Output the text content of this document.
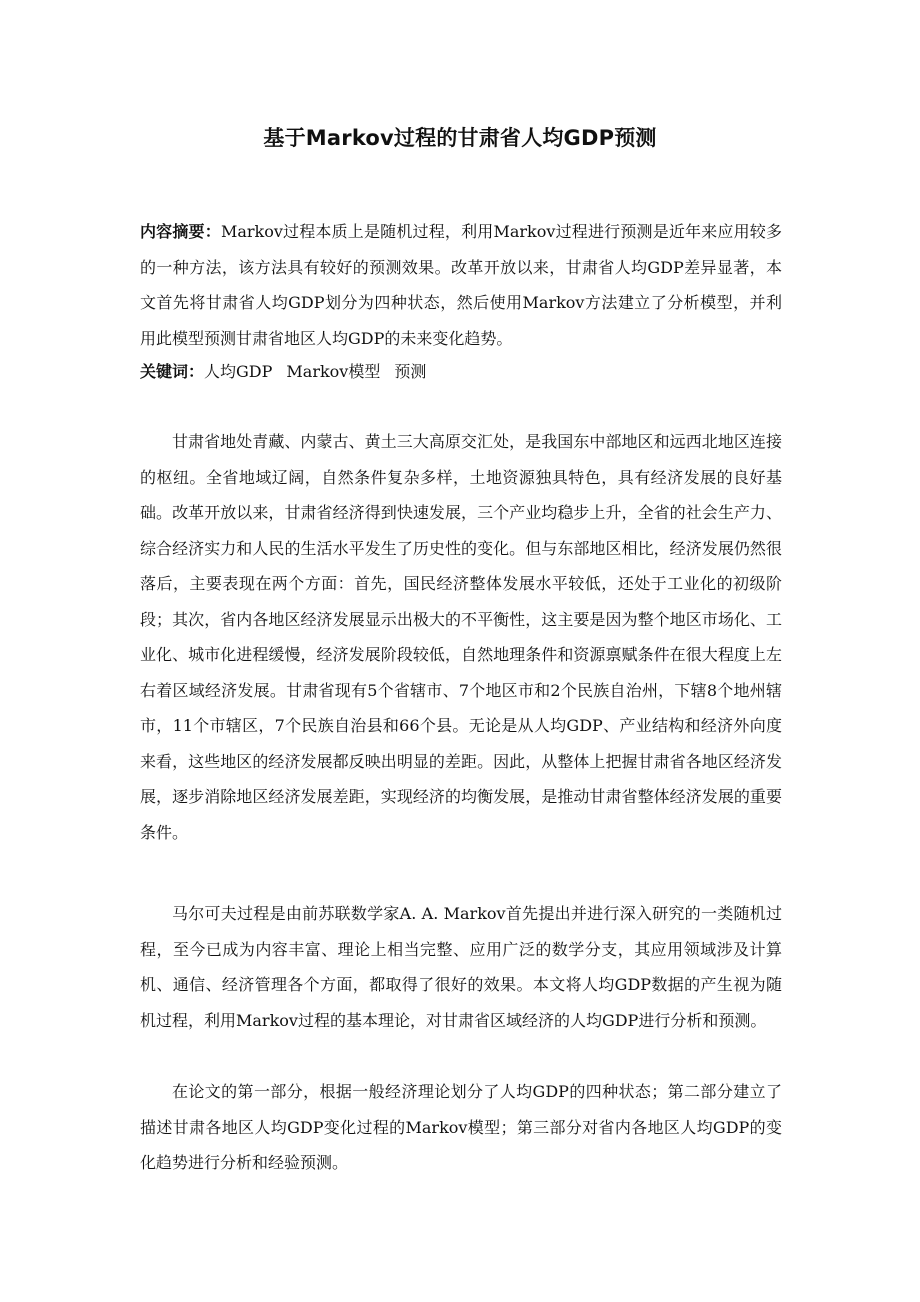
基于Markov过程的甘肃省人均GDP预测

内容摘要：Markov过程本质上是随机过程，利用Markov过程进行预测是近年来应用较多的一种方法，该方法具有较好的预测效果。改革开放以来，甘肃省人均GDP差异显著，本文首先将甘肃省人均GDP划分为四种状态，然后使用Markov方法建立了分析模型，并利用此模型预测甘肃省地区人均GDP的未来变化趋势。

关键词：人均GDP Markov模型 预测

甘肃省地处青藏、内蒙古、黄土三大高原交汇处，是我国东中部地区和远西北地区连接的枢纽。全省地域辽阔，自然条件复杂多样，土地资源独具特色，具有经济发展的良好基础。改革开放以来，甘肃省经济得到快速发展，三个产业均稳步上升，全省的社会生产力、综合经济实力和人民的生活水平发生了历史性的变化。但与东部地区相比，经济发展仍然很落后，主要表现在两个方面：首先，国民经济整体发展水平较低，还处于工业化的初级阶段；其次，省内各地区经济发展显示出极大的不平衡性，这主要是因为整个地区市场化、工业化、城市化进程缓慢，经济发展阶段较低，自然地理条件和资源禀赋条件在很大程度上左右着区域经济发展。甘肃省现有5个省辖市、7个地区市和2个民族自治州，下辖8个地州辖市，11个市辖区，7个民族自治县和66个县。无论是从人均GDP、产业结构和经济外向度来看，这些地区的经济发展都反映出明显的差距。因此，从整体上把握甘肃省各地区经济发展，逐步消除地区经济发展差距，实现经济的均衡发展，是推动甘肃省整体经济发展的重要条件。

马尔可夫过程是由前苏联数学家A. A. Markov首先提出并进行深入研究的一类随机过程，至今已成为内容丰富、理论上相当完整、应用广泛的数学分支，其应用领域涉及计算机、通信、经济管理各个方面，都取得了很好的效果。本文将人均GDP数据的产生视为随机过程，利用Markov过程的基本理论，对甘肃省区域经济的人均GDP进行分析和预测。

在论文的第一部分，根据一般经济理论划分了人均GDP的四种状态；第二部分建立了描述甘肃各地区人均GDP变化过程的Markov模型；第三部分对省内各地区人均GDP的变化趋势进行分析和经验预测。
